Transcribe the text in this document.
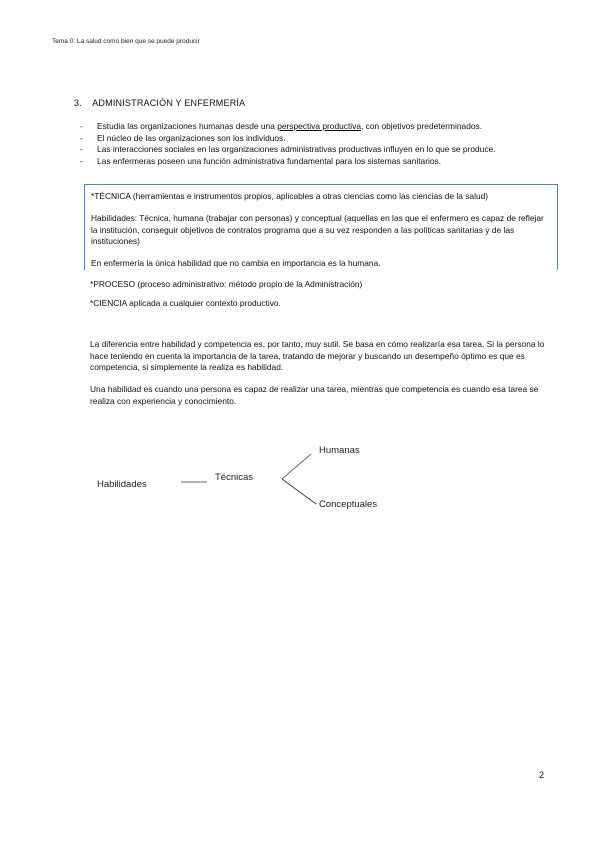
Tema 0: La salud como bien que se puede producir
3. ADMINISTRACIÓN Y ENFERMERÍA
-	Estudia las organizaciones humanas desde una perspectiva productiva, con objetivos predeterminados.
-	El núcleo de las organizaciones son los individuos.
-	Las interacciones sociales en las organizaciones administrativas productivas influyen en lo que se produce.
-	Las enfermeras poseen una función administrativa fundamental para los sistemas sanitarios.

*TÉCNICA (herramientas e instrumentos propios, aplicables a otras ciencias como las ciencias de la salud)

Habilidades: Técnica, humana (trabajar con personas) y conceptual (aquellas en las que el enfermero es capaz de reflejar la institución, conseguir objetivos de contratos programa que a su vez responden a las políticas sanitarias y de las instituciones)

En enfermería la única habilidad que no cambia en importancia es la humana.

*PROCESO (proceso administrativo: método propio de la Administración)

*CIENCIA aplicada a cualquier contexto productivo.

La diferencia entre habilidad y competencia es, por tanto, muy sutil. Se basa en cómo realizaría esa tarea. Si la persona lo hace teniendo en cuenta la importancia de la tarea, tratando de mejorar y buscando un desempeño óptimo es que es competencia, si simplemente la realiza es habilidad.

Una habilidad es cuando una persona es capaz de realizar una tarea, mientras que competencia es cuando esa tarea se realiza con experiencia y conocimiento.

Habilidades
Técnicas
Humanas
Conceptuales
2
